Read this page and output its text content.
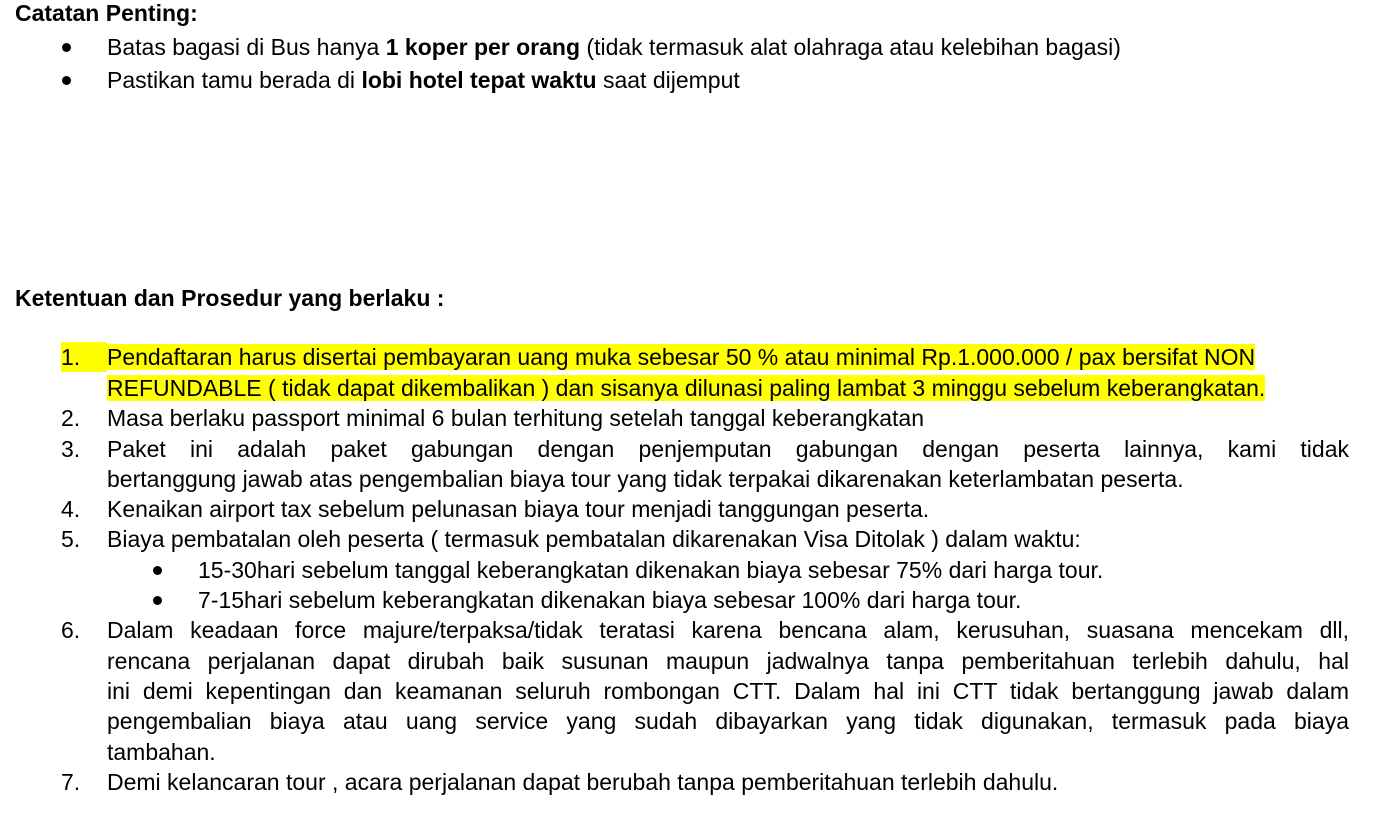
Catatan Penting:
Batas bagasi di Bus hanya 1 koper per orang (tidak termasuk alat olahraga atau kelebihan bagasi)
Pastikan tamu berada di lobi hotel tepat waktu saat dijemput
Ketentuan dan Prosedur yang berlaku :
1.	Pendaftaran harus disertai pembayaran uang muka sebesar 50 % atau minimal Rp.1.000.000 / pax bersifat NON
REFUNDABLE ( tidak dapat dikembalikan ) dan sisanya dilunasi paling lambat 3 minggu sebelum keberangkatan.
2. Masa berlaku passport minimal 6 bulan terhitung setelah tanggal keberangkatan
3. Paket ini adalah paket gabungan dengan penjemputan gabungan dengan peserta lainnya, kami tidak
bertanggung jawab atas pengembalian biaya tour yang tidak terpakai dikarenakan keterlambatan peserta.
4. Kenaikan airport tax sebelum pelunasan biaya tour menjadi tanggungan peserta.
5. Biaya pembatalan oleh peserta ( termasuk pembatalan dikarenakan Visa Ditolak ) dalam waktu:
15-30hari sebelum tanggal keberangkatan dikenakan biaya sebesar 75% dari harga tour.
7-15hari sebelum keberangkatan dikenakan biaya sebesar 100% dari harga tour.
6. Dalam keadaan force majure/terpaksa/tidak teratasi karena bencana alam, kerusuhan, suasana mencekam dll,
rencana perjalanan dapat dirubah baik susunan maupun jadwalnya tanpa pemberitahuan terlebih dahulu, hal
ini demi kepentingan dan keamanan seluruh rombongan CTT. Dalam hal ini CTT tidak bertanggung jawab dalam
pengembalian biaya atau uang service yang sudah dibayarkan yang tidak digunakan, termasuk pada biaya
tambahan.
7. Demi kelancaran tour , acara perjalanan dapat berubah tanpa pemberitahuan terlebih dahulu.
